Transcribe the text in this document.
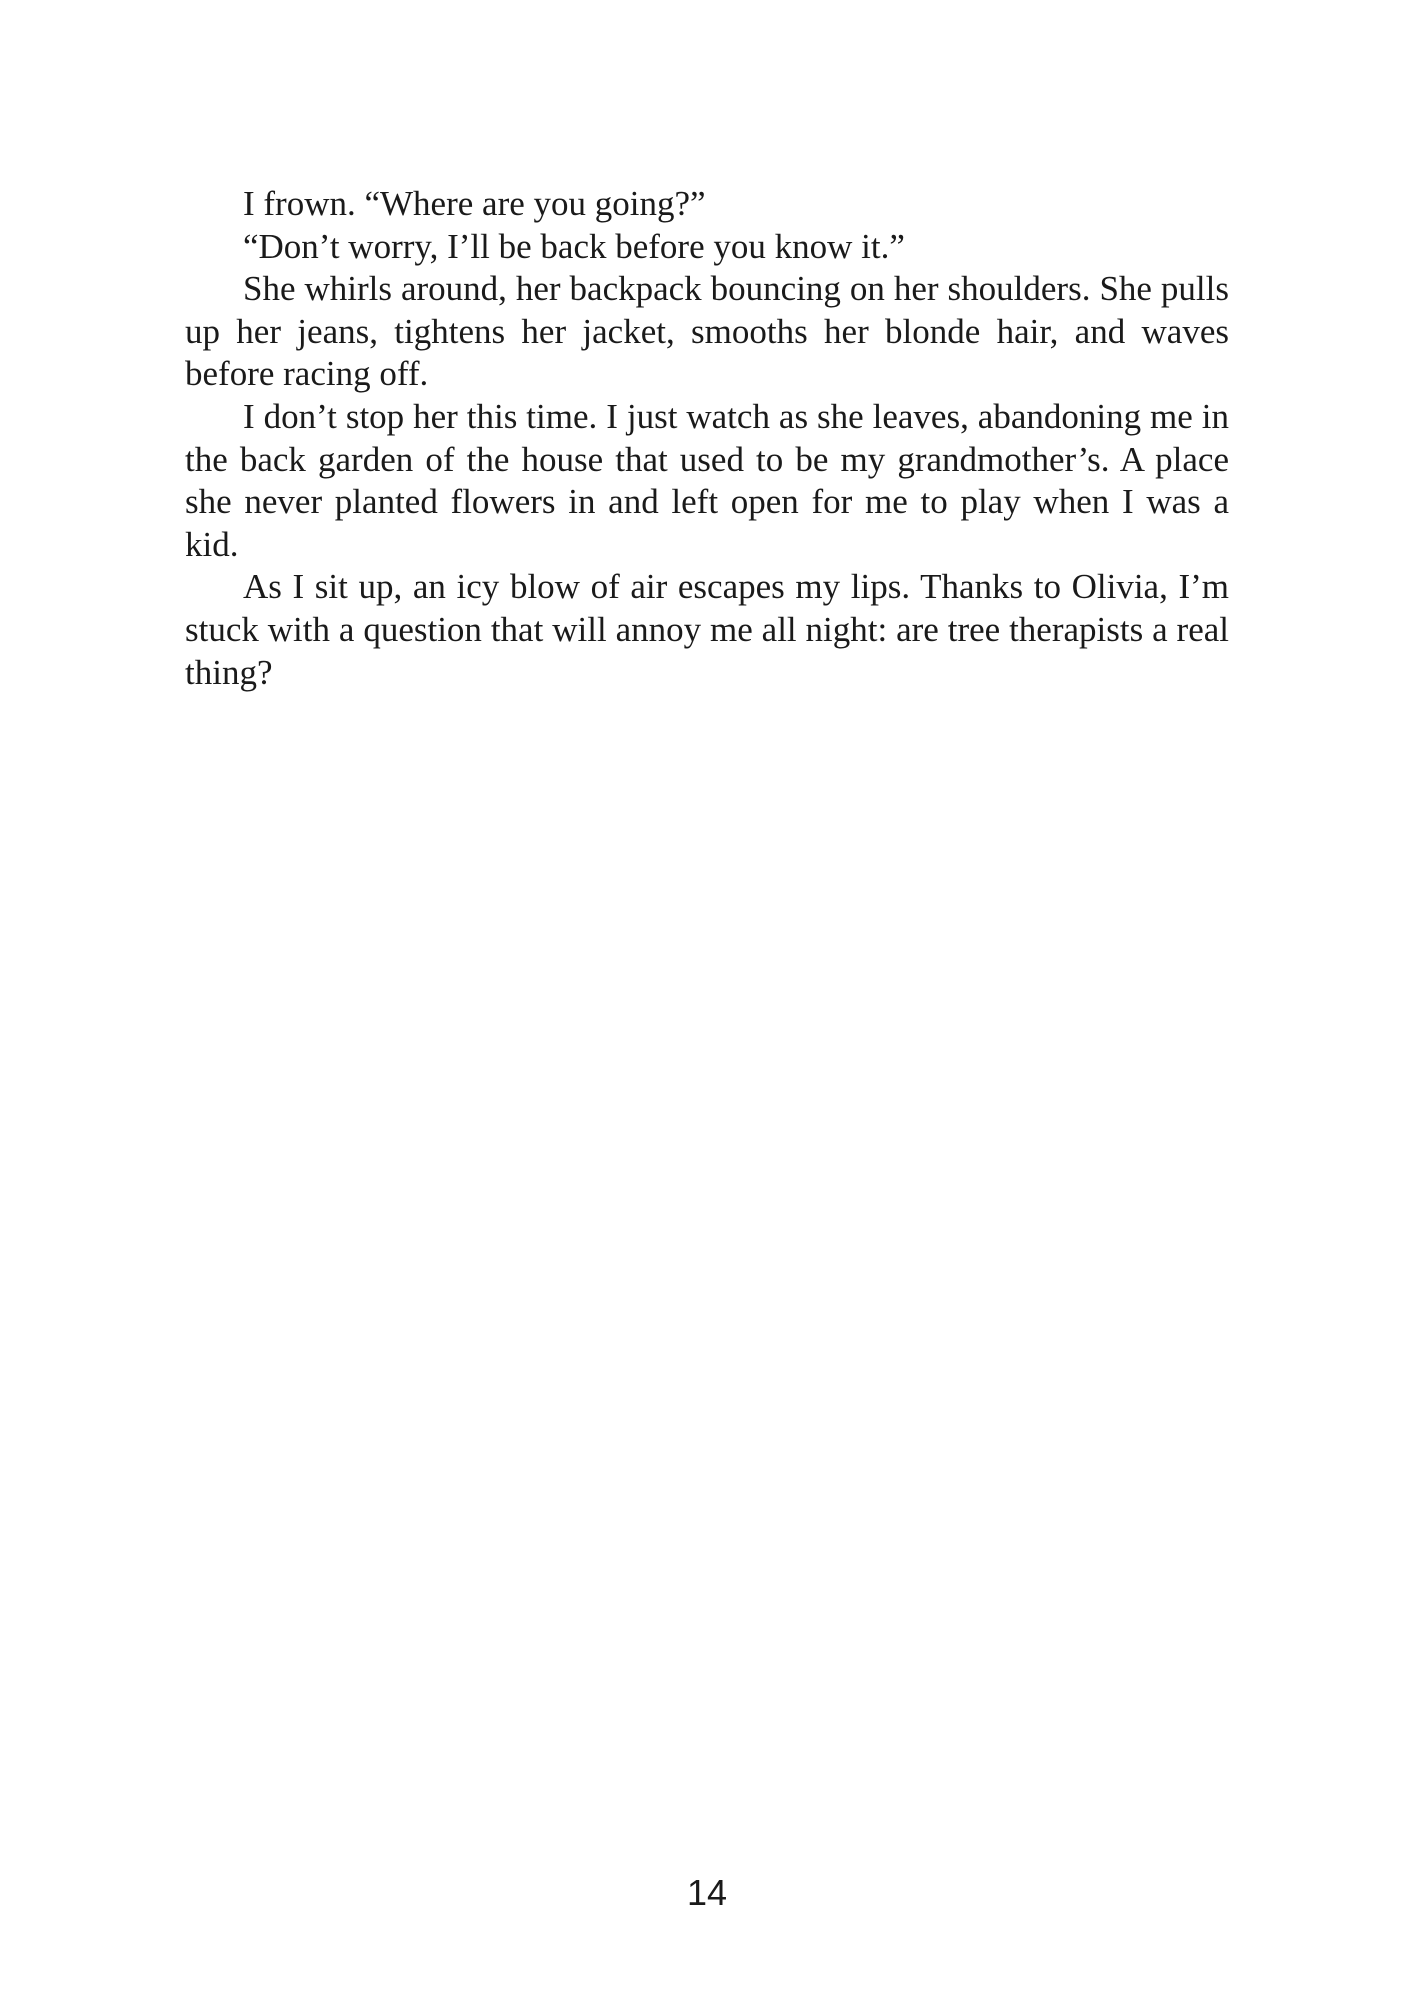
I frown. “Where are you going?”

“Don’t worry, I’ll be back before you know it.”

She whirls around, her backpack bouncing on her shoulders. She pulls up her jeans, tightens her jacket, smooths her blonde hair, and waves before racing off.

I don’t stop her this time. I just watch as she leaves, abandoning me in the back garden of the house that used to be my grandmother’s. A place she never planted flowers in and left open for me to play when I was a kid.

As I sit up, an icy blow of air escapes my lips. Thanks to Olivia, I’m stuck with a question that will annoy me all night: are tree therapists a real thing?

14
